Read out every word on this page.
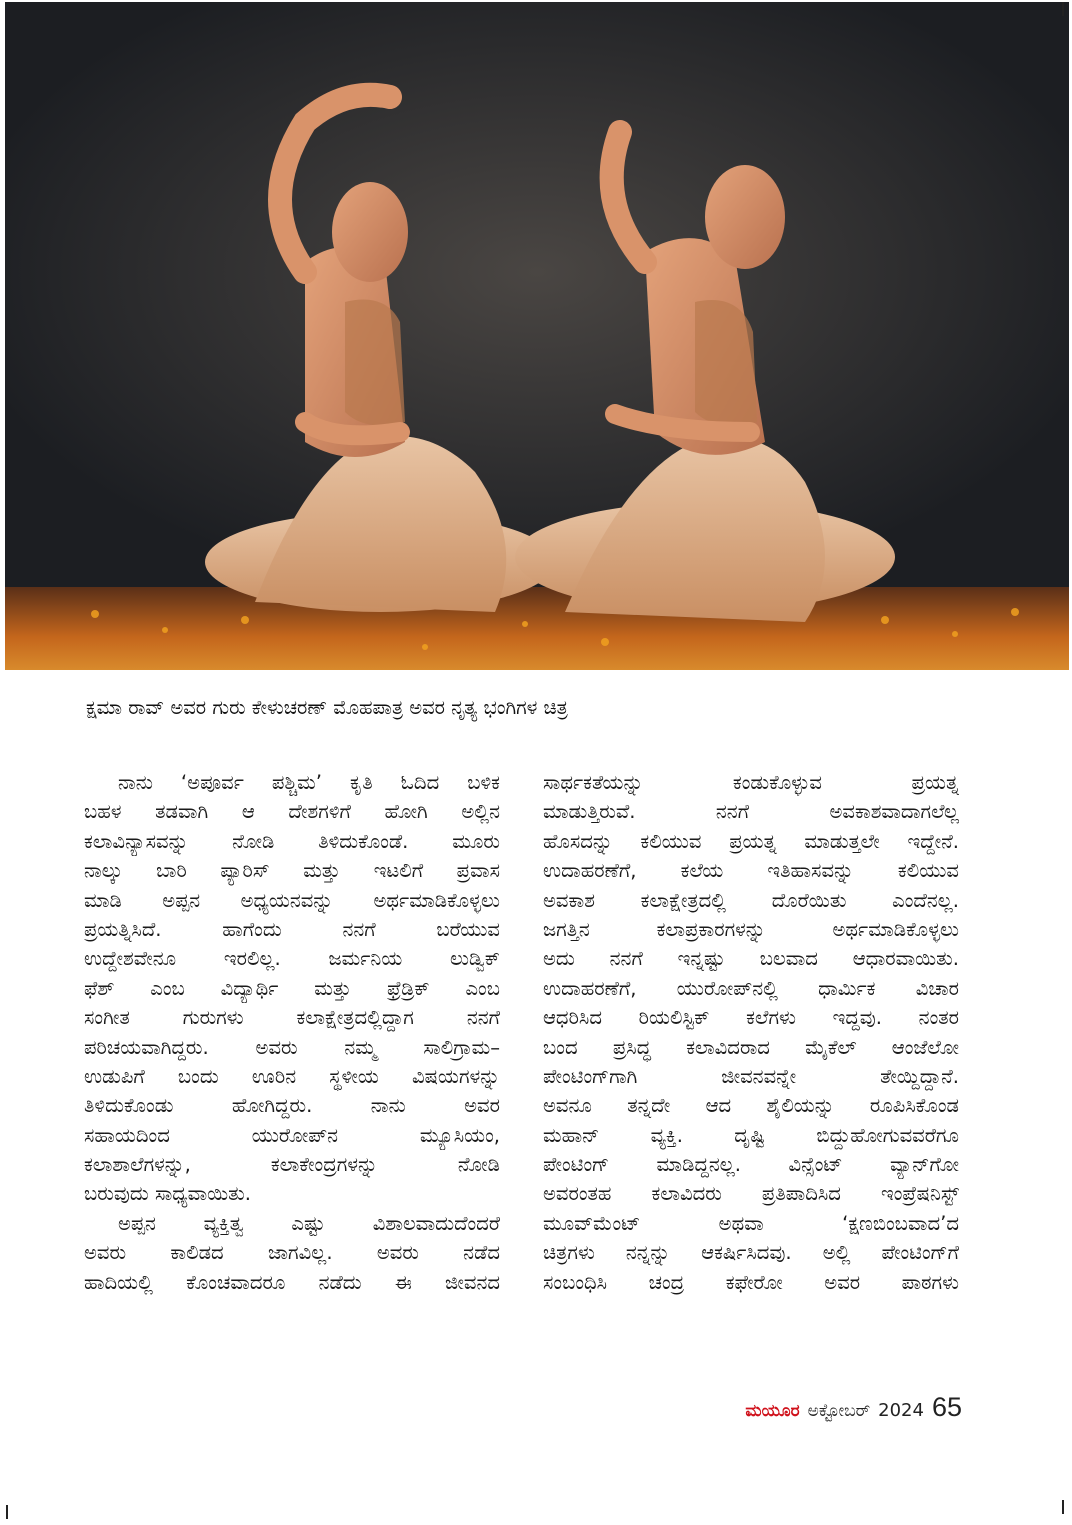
ಕ್ಷಮಾ ರಾವ್ ಅವರ ಗುರು ಕೇಳುಚರಣ್ ಮೊಹಪಾತ್ರ ಅವರ ನೃತ್ಯ ಭಂಗಿಗಳ ಚಿತ್ರ
ನಾನು ‘ಅಪೂರ್ವ ಪಶ್ಚಿಮ’ ಕೃತಿ ಓದಿದ ಬಳಿಕ
ಬಹಳ ತಡವಾಗಿ ಆ ದೇಶಗಳಿಗೆ ಹೋಗಿ ಅಲ್ಲಿನ
ಕಲಾವಿನ್ಯಾಸವನ್ನು ನೋಡಿ ತಿಳಿದುಕೊಂಡೆ. ಮೂರು
ನಾಲ್ಕು ಬಾರಿ ಪ್ಯಾರಿಸ್ ಮತ್ತು ಇಟಲಿಗೆ ಪ್ರವಾಸ
ಮಾಡಿ ಅಪ್ಪನ ಅಧ್ಯಯನವನ್ನು ಅರ್ಥಮಾಡಿಕೊಳ್ಳಲು
ಪ್ರಯತ್ನಿಸಿದೆ. ಹಾಗೆಂದು ನನಗೆ ಬರೆಯುವ
ಉದ್ದೇಶವೇನೂ ಇರಲಿಲ್ಲ. ಜರ್ಮನಿಯ ಲುಡ್ವಿಕ್
ಫೆಶ್ ಎಂಬ ವಿದ್ಯಾರ್ಥಿ ಮತ್ತು ಫ್ರೆಡ್ರಿಕ್ ಎಂಬ
ಸಂಗೀತ ಗುರುಗಳು ಕಲಾಕ್ಷೇತ್ರದಲ್ಲಿದ್ದಾಗ ನನಗೆ
ಪರಿಚಯವಾಗಿದ್ದರು. ಅವರು ನಮ್ಮ ಸಾಲಿಗ್ರಾಮ–
ಉಡುಪಿಗೆ ಬಂದು ಊರಿನ ಸ್ಥಳೀಯ ವಿಷಯಗಳನ್ನು
ತಿಳಿದುಕೊಂಡು ಹೋಗಿದ್ದರು. ನಾನು ಅವರ
ಸಹಾಯದಿಂದ ಯುರೋಪ್‌ನ ಮ್ಯೂಸಿಯಂ,
ಕಲಾಶಾಲೆಗಳನ್ನು, ಕಲಾಕೇಂದ್ರಗಳನ್ನು ನೋಡಿ
ಬರುವುದು ಸಾಧ್ಯವಾಯಿತು.
ಅಪ್ಪನ ವ್ಯಕ್ತಿತ್ವ ಎಷ್ಟು ವಿಶಾಲವಾದುದೆಂದರೆ
ಅವರು ಕಾಲಿಡದ ಜಾಗವಿಲ್ಲ. ಅವರು ನಡೆದ
ಹಾದಿಯಲ್ಲಿ ಕೊಂಚವಾದರೂ ನಡೆದು ಈ ಜೀವನದ
ಸಾರ್ಥಕತೆಯನ್ನು ಕಂಡುಕೊಳ್ಳುವ ಪ್ರಯತ್ನ
ಮಾಡುತ್ತಿರುವೆ. ನನಗೆ ಅವಕಾಶವಾದಾಗಲೆಲ್ಲ
ಹೊಸದನ್ನು ಕಲಿಯುವ ಪ್ರಯತ್ನ ಮಾಡುತ್ತಲೇ ಇದ್ದೇನೆ.
ಉದಾಹರಣೆಗೆ, ಕಲೆಯ ಇತಿಹಾಸವನ್ನು ಕಲಿಯುವ
ಅವಕಾಶ ಕಲಾಕ್ಷೇತ್ರದಲ್ಲಿ ದೊರೆಯಿತು ಎಂದೆನಲ್ಲ.
ಜಗತ್ತಿನ ಕಲಾಪ್ರಕಾರಗಳನ್ನು ಅರ್ಥಮಾಡಿಕೊಳ್ಳಲು
ಅದು ನನಗೆ ಇನ್ನಷ್ಟು ಬಲವಾದ ಆಧಾರವಾಯಿತು.
ಉದಾಹರಣೆಗೆ, ಯುರೋಪ್‌ನಲ್ಲಿ ಧಾರ್ಮಿಕ ವಿಚಾರ
ಆಧರಿಸಿದ ರಿಯಲಿಸ್ಟಿಕ್ ಕಲೆಗಳು ಇದ್ದವು. ನಂತರ
ಬಂದ ಪ್ರಸಿದ್ಧ ಕಲಾವಿದರಾದ ಮೈಕೆಲ್ ಆಂಜೆಲೋ
ಪೇಂಟಿಂಗ್‌ಗಾಗಿ ಜೀವನವನ್ನೇ ತೇಯ್ದಿದ್ದಾನೆ.
ಅವನೂ ತನ್ನದೇ ಆದ ಶೈಲಿಯನ್ನು ರೂಪಿಸಿಕೊಂಡ
ಮಹಾನ್ ವ್ಯಕ್ತಿ. ದೃಷ್ಟಿ ಬಿದ್ದುಹೋಗುವವರೆಗೂ
ಪೇಂಟಿಂಗ್ ಮಾಡಿದ್ದನಲ್ಲ. ವಿನ್ಸೆಂಟ್ ವ್ಯಾನ್‌ಗೋ
ಅವರಂತಹ ಕಲಾವಿದರು ಪ್ರತಿಪಾದಿಸಿದ ಇಂಪ್ರೆಷನಿಸ್ಟ್
ಮೂವ್‌ಮೆಂಟ್ ಅಥವಾ ‘ಕ್ಷಣಬಿಂಬವಾದ’ದ
ಚಿತ್ರಗಳು ನನ್ನನ್ನು ಆಕರ್ಷಿಸಿದವು. ಅಲ್ಲಿ ಪೇಂಟಿಂಗ್‌ಗೆ
ಸಂಬಂಧಿಸಿ ಚಂದ್ರ ಕಫೇರೋ ಅವರ ಪಾಠಗಳು
ಮಯೂರ ಅಕ್ಟೋಬರ್ 2024 65
